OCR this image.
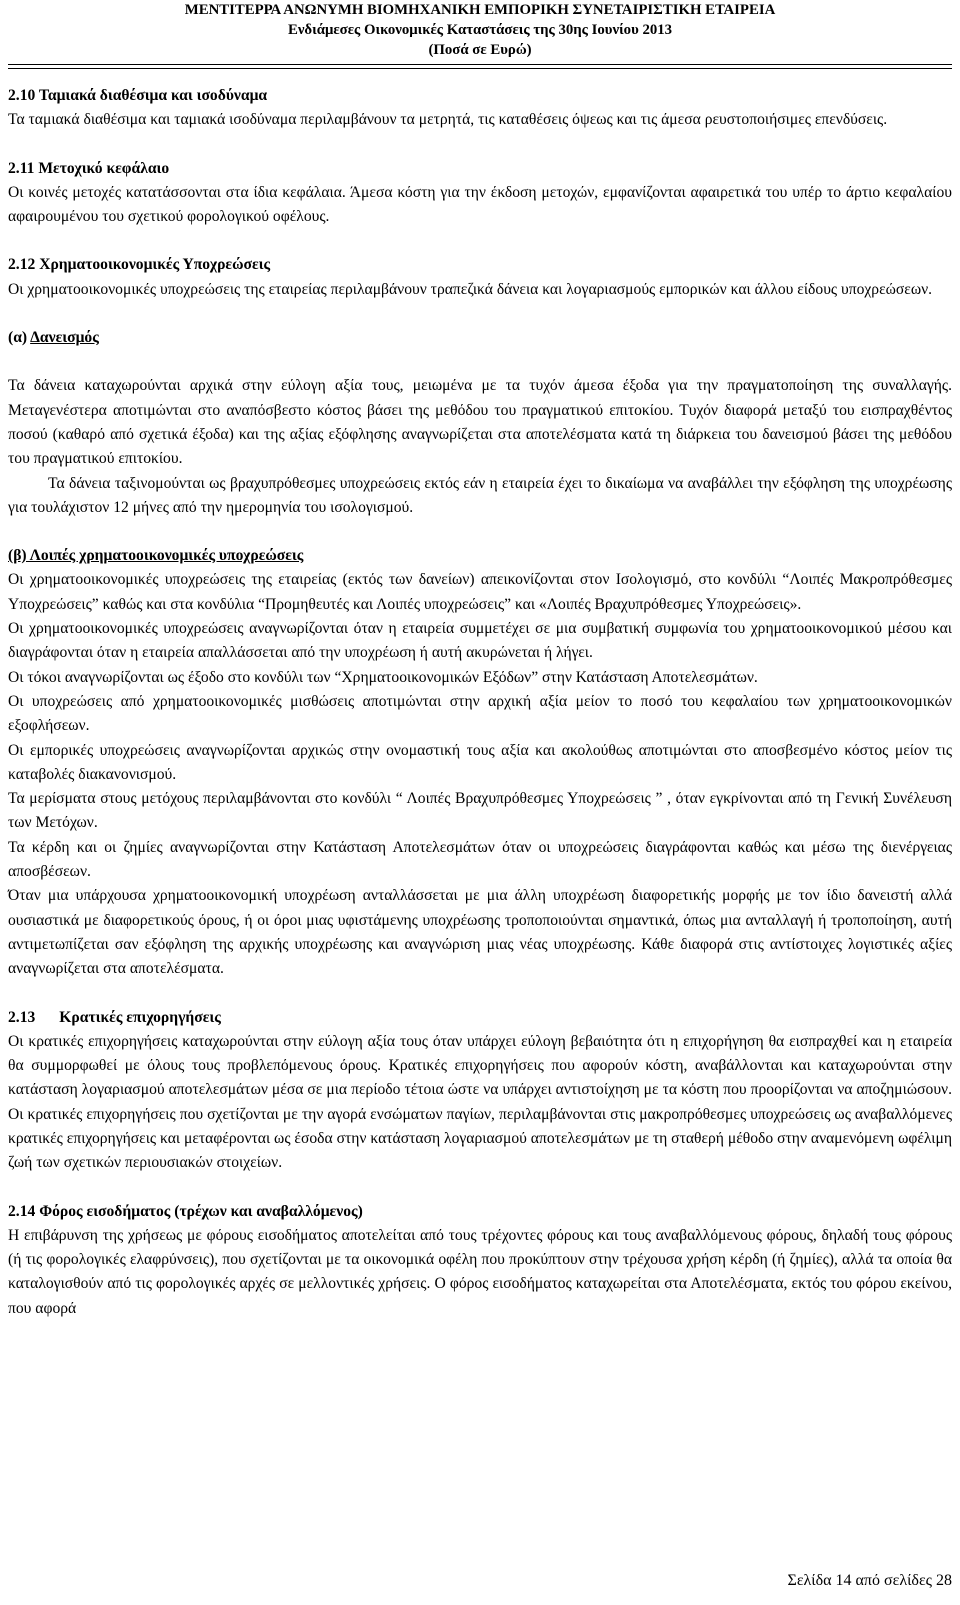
ΜΕΝΤΙΤΕΡΡΑ ΑΝΩΝΥΜΗ ΒΙΟΜΗΧΑΝΙΚΗ ΕΜΠΟΡΙΚΗ ΣΥΝΕΤΑΙΡΙΣΤΙΚΗ ΕΤΑΙΡΕΙΑ
Ενδιάμεσες Οικονομικές Καταστάσεις της 30ης Ιουνίου 2013
(Ποσά σε Ευρώ)
2.10 Ταμιακά διαθέσιμα και ισοδύναμα

Τα ταμιακά διαθέσιμα και ταμιακά ισοδύναμα περιλαμβάνουν τα μετρητά, τις καταθέσεις όψεως και τις άμεσα ρευστοποιήσιμες επενδύσεις.

2.11 Μετοχικό κεφάλαιο

Οι κοινές μετοχές κατατάσσονται στα ίδια κεφάλαια. Άμεσα κόστη για την έκδοση μετοχών, εμφανίζονται αφαιρετικά του υπέρ το άρτιο κεφαλαίου αφαιρουμένου του σχετικού φορολογικού οφέλους.

2.12 Χρηματοοικονομικές Υποχρεώσεις

Οι χρηματοοικονομικές υποχρεώσεις της εταιρείας περιλαμβάνουν τραπεζικά δάνεια και λογαριασμούς εμπορικών και άλλου είδους υποχρεώσεων.

(α) Δανεισμός

Τα δάνεια καταχωρούνται αρχικά στην εύλογη αξία τους, μειωμένα με τα τυχόν άμεσα έξοδα για την πραγματοποίηση της συναλλαγής. Μεταγενέστερα αποτιμώνται στο αναπόσβεστο κόστος βάσει της μεθόδου του πραγματικού επιτοκίου. Τυχόν διαφορά μεταξύ του εισπραχθέντος ποσού (καθαρό από σχετικά έξοδα) και της αξίας εξόφλησης αναγνωρίζεται στα αποτελέσματα κατά τη διάρκεια του δανεισμού βάσει της μεθόδου του πραγματικού επιτοκίου.

Τα δάνεια ταξινομούνται ως βραχυπρόθεσμες υποχρεώσεις εκτός εάν η εταιρεία έχει το δικαίωμα να αναβάλλει την εξόφληση της υποχρέωσης για τουλάχιστον 12 μήνες από την ημερομηνία του ισολογισμού.

(β) Λοιπές χρηματοοικονομικές υποχρεώσεις

Οι χρηματοοικονομικές υποχρεώσεις της εταιρείας (εκτός των δανείων) απεικονίζονται στον Ισολογισμό, στο κονδύλι “Λοιπές Μακροπρόθεσμες Υποχρεώσεις” καθώς και στα κονδύλια “Προμηθευτές και Λοιπές υποχρεώσεις” και «Λοιπές Βραχυπρόθεσμες Υποχρεώσεις».

Οι χρηματοοικονομικές υποχρεώσεις αναγνωρίζονται όταν η εταιρεία συμμετέχει σε μια συμβατική συμφωνία του χρηματοοικονομικού μέσου και διαγράφονται όταν η εταιρεία απαλλάσσεται από την υποχρέωση ή αυτή ακυρώνεται ή λήγει.

Οι τόκοι αναγνωρίζονται ως έξοδο στο κονδύλι των “Χρηματοοικονομικών Εξόδων” στην Κατάσταση Αποτελεσμάτων.

Οι υποχρεώσεις από χρηματοοικονομικές μισθώσεις αποτιμώνται στην αρχική αξία μείον το ποσό του κεφαλαίου των χρηματοοικονομικών εξοφλήσεων.

Οι εμπορικές υποχρεώσεις αναγνωρίζονται αρχικώς στην ονομαστική τους αξία και ακολούθως αποτιμώνται στο αποσβεσμένο κόστος μείον τις καταβολές διακανονισμού.

Τα μερίσματα στους μετόχους περιλαμβάνονται στο κονδύλι “ Λοιπές Βραχυπρόθεσμες Υποχρεώσεις ” , όταν εγκρίνονται από τη Γενική Συνέλευση των Μετόχων.

Τα κέρδη και οι ζημίες αναγνωρίζονται στην Κατάσταση Αποτελεσμάτων όταν οι υποχρεώσεις διαγράφονται καθώς και μέσω της διενέργειας αποσβέσεων.

Όταν μια υπάρχουσα χρηματοοικονομική υποχρέωση ανταλλάσσεται με μια άλλη υποχρέωση διαφορετικής μορφής με τον ίδιο δανειστή αλλά ουσιαστικά με διαφορετικούς όρους, ή οι όροι μιας υφιστάμενης υποχρέωσης τροποποιούνται σημαντικά, όπως μια ανταλλαγή ή τροποποίηση, αυτή αντιμετωπίζεται σαν εξόφληση της αρχικής υποχρέωσης και αναγνώριση μιας νέας υποχρέωσης. Κάθε διαφορά στις αντίστοιχες λογιστικές αξίες αναγνωρίζεται στα αποτελέσματα.

2.13 Κρατικές επιχορηγήσεις

Οι κρατικές επιχορηγήσεις καταχωρούνται στην εύλογη αξία τους όταν υπάρχει εύλογη βεβαιότητα ότι η επιχορήγηση θα εισπραχθεί και η εταιρεία θα συμμορφωθεί με όλους τους προβλεπόμενους όρους. Κρατικές επιχορηγήσεις που αφορούν κόστη, αναβάλλονται και καταχωρούνται στην κατάσταση λογαριασμού αποτελεσμάτων μέσα σε μια περίοδο τέτοια ώστε να υπάρχει αντιστοίχηση με τα κόστη που προορίζονται να αποζημιώσουν. Οι κρατικές επιχορηγήσεις που σχετίζονται με την αγορά ενσώματων παγίων, περιλαμβάνονται στις μακροπρόθεσμες υποχρεώσεις ως αναβαλλόμενες κρατικές επιχορηγήσεις και μεταφέρονται ως έσοδα στην κατάσταση λογαριασμού αποτελεσμάτων με τη σταθερή μέθοδο στην αναμενόμενη ωφέλιμη ζωή των σχετικών περιουσιακών στοιχείων.

2.14 Φόρος εισοδήματος (τρέχων και αναβαλλόμενος)

Η επιβάρυνση της χρήσεως με φόρους εισοδήματος αποτελείται από τους τρέχοντες φόρους και τους αναβαλλόμενους φόρους, δηλαδή τους φόρους (ή τις φορολογικές ελαφρύνσεις), που σχετίζονται με τα οικονομικά οφέλη που προκύπτουν στην τρέχουσα χρήση κέρδη (ή ζημίες), αλλά τα οποία θα καταλογισθούν από τις φορολογικές αρχές σε μελλοντικές χρήσεις. Ο φόρος εισοδήματος καταχωρείται στα Αποτελέσματα, εκτός του φόρου εκείνου, που αφορά

Σελίδα 14 από σελίδες 28
